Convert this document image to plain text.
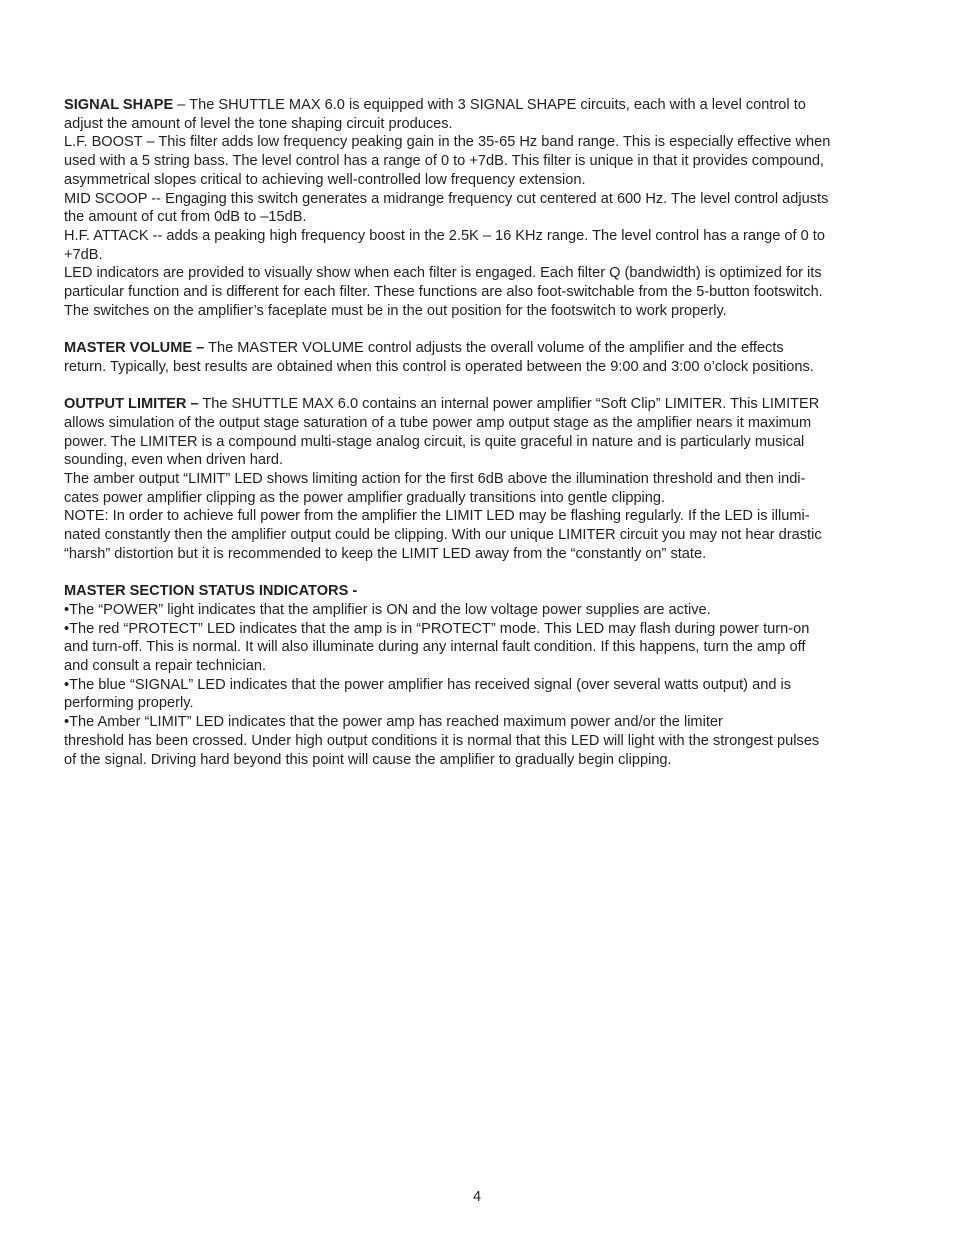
SIGNAL SHAPE – The SHUTTLE MAX 6.0 is equipped with 3 SIGNAL SHAPE circuits, each with a level control to
adjust the amount of level the tone shaping circuit produces.
L.F. BOOST – This filter adds low frequency peaking gain in the 35-65 Hz band range. This is especially effective when
used with a 5 string bass. The level control has a range of 0 to +7dB. This filter is unique in that it provides compound,
asymmetrical slopes critical to achieving well-controlled low frequency extension.
MID SCOOP -- Engaging this switch generates a midrange frequency cut centered at 600 Hz. The level control adjusts
the amount of cut from 0dB to –15dB.
H.F. ATTACK -- adds a peaking high frequency boost in the 2.5K – 16 KHz range. The level control has a range of 0 to
+7dB.
LED indicators are provided to visually show when each filter is engaged. Each filter Q (bandwidth) is optimized for its
particular function and is different for each filter. These functions are also foot-switchable from the 5-button footswitch.
The switches on the amplifier’s faceplate must be in the out position for the footswitch to work properly.
MASTER VOLUME – The MASTER VOLUME control adjusts the overall volume of the amplifier and the effects
return. Typically, best results are obtained when this control is operated between the 9:00 and 3:00 o’clock positions.
OUTPUT LIMITER – The SHUTTLE MAX 6.0 contains an internal power amplifier “Soft Clip” LIMITER. This LIMITER
allows simulation of the output stage saturation of a tube power amp output stage as the amplifier nears it maximum
power. The LIMITER is a compound multi-stage analog circuit, is quite graceful in nature and is particularly musical
sounding, even when driven hard.
The amber output “LIMIT” LED shows limiting action for the first 6dB above the illumination threshold and then indi-
cates power amplifier clipping as the power amplifier gradually transitions into gentle clipping.
NOTE: In order to achieve full power from the amplifier the LIMIT LED may be flashing regularly. If the LED is illumi-
nated constantly then the amplifier output could be clipping. With our unique LIMITER circuit you may not hear drastic
“harsh” distortion but it is recommended to keep the LIMIT LED away from the “constantly on” state.
MASTER SECTION STATUS INDICATORS -
•The “POWER” light indicates that the amplifier is ON and the low voltage power supplies are active.
•The red “PROTECT” LED indicates that the amp is in “PROTECT” mode. This LED may flash during power turn-on
and turn-off. This is normal. It will also illuminate during any internal fault condition. If this happens, turn the amp off
and consult a repair technician.
•The blue “SIGNAL” LED indicates that the power amplifier has received signal (over several watts output) and is
performing properly.
•The Amber “LIMIT” LED indicates that the power amp has reached maximum power and/or the limiter
threshold has been crossed. Under high output conditions it is normal that this LED will light with the strongest pulses
of the signal. Driving hard beyond this point will cause the amplifier to gradually begin clipping.
4
